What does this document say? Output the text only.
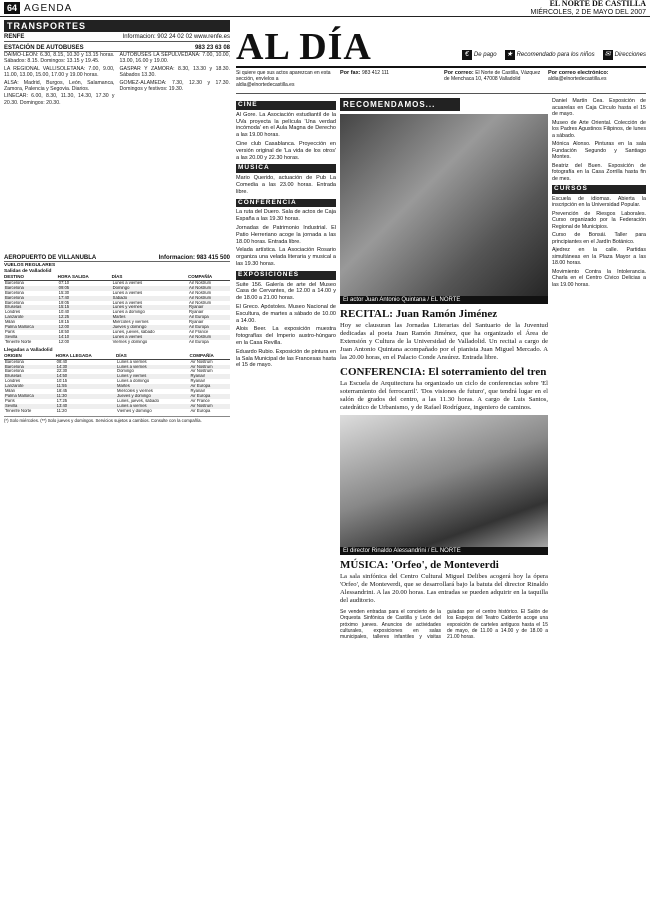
64 AGENDA	EL NORTE DE CASTILLA
MIÉRCOLES, 2 DE MAYO DEL 2007
TRANSPORTES
RENFE	Informacion: 902 24 02 02 www.renfe.es
ESTACIÓN DE AUTOBUSES	983 23 63 08

DAIMO-LEON: 6.30, 8.15, 10.30 y 13.15 horas. Sábados: 8.15. Domingos: 13.15 y 19.45.

LA REGIONAL VALLISOLETANA: 7.00, 9.00, 11.00, 13.00, 15.00, 17.00 y 19.00 horas.

ALSA: Madrid, Burgos, León, Salamanca, Zamora, Palencia y Segovia. Diarios.

LINECAR: 6.00, 8.30, 11.30, 14.30, 17.30 y 20.30. Domingos: 20.30.

AUTOBUSES LA SEPULVEDANA: 7.00, 10.00, 13.00, 16.00 y 19.00.

GASPAR Y ZAMORA: 8.30, 13.30 y 18.30. Sábados 13.30.

GOMEZ-ALAMEDA: 7.30, 12.30 y 17.30. Domingos y festivos: 19.30.

AEROPUERTO DE VILLANUBLA	Informacion: 983 415 500
VUELOS REGULARES
Salidas de Valladolid
DESTINO	HORA SALIDA	DÍAS	COMPAÑÍA
Barcelona	07:10	Lunes a viernes	Air Nostrum
Barcelona	09:05	Domingo	Air Nostrum
Barcelona	15:30	Lunes a viernes	Air Nostrum
Barcelona	17:40	Sábado	Air Nostrum
Barcelona	19:05	Lunes a viernes	Air Nostrum
Bruselas	15:15	Lunes y viernes	Ryanair
Londres	10:40	Lunes a domingo	Ryanair
Lanzarote	12:25	Martes	Air Europa
Milán	19:15	Miércoles y viernes	Ryanair
Palma Mallorca	12:00	Jueves y domingo	Air Europa
París	18:50	Lunes, jueves, sábado	Air France
Sevilla	14:10	Lunes a viernes	Air Nostrum
Tenerife Norte	12:00	Viernes y domingo	Air Europa
Llegadas a Valladolid
ORIGEN	HORA LLEGADA	DÍAS	COMPAÑÍA
Barcelona	08:40	Lunes a viernes	Air Nostrum
Barcelona	14:30	Lunes a viernes	Air Nostrum
Barcelona	22:30	Domingo	Air Nostrum
Bruselas	14:50	Lunes y viernes	Ryanair
Londres	10:15	Lunes a domingo	Ryanair
Lanzarote	11:55	Martes	Air Europa
Milán	18:45	Miércoles y viernes	Ryanair
Palma Mallorca	11:30	Jueves y domingo	Air Europa
París	17:25	Lunes, jueves, sábado	Air France
Sevilla	13:40	Lunes a viernes	Air Nostrum
Tenerife Norte	11:20	Viernes y domingo	Air Europa
(*) Solo miércoles. (**) Solo jueves y domingos. Servicios sujetos a cambios. Consulte con la compañía.
AL DÍA	€ De pago ★ Recomendado para los niños ✉ Direcciones
Si quiere que sus actos aparezcan en esta sección, envíelos a aldia@elnortedecastilla.es
Por fax: 983 412 111	Por correo: El Norte de Castilla, Vázquez de Menchaca 10, 47008 Valladolid
Por correo electrónico: aldia@elnortedecastilla.es
CINE

Al Gore. La Asociación estudiantil de la UVa proyecta la película 'Una verdad incómoda' en el Aula Magna de Derecho a las 19.00 horas.

Cine club Casablanca. Proyección en versión original de 'La vida de los otros' a las 20.00 y 22.30 horas.

MÚSICA

Mario Querido, actuación de Pub La Comedia a las 23.00 horas. Entrada libre.

CONFERENCIA

La ruta del Duero. Sala de actos de Caja España a las 19.30 horas.

Jornadas de Patrimonio Industrial. El Patio Herreriano acoge la jornada a las 18.00 horas. Entrada libre.

Velada artística. La Asociación Rosario organiza una velada literaria y musical a las 19.30 horas.

EXPOSICIONES

Suite 156. Galería de arte del Museo Casa de Cervantes, de 12.00 a 14.00 y de 18.00 a 21.00 horas.

El Greco. Apóstoles. Museo Nacional de Escultura, de martes a sábado de 10.00 a 14.00.

Alois Beer. La exposición muestra fotografías del Imperio austro-húngaro en la Casa Revilla.

Eduardo Rubio. Exposición de pintura en la Sala Municipal de las Francesas hasta el 15 de mayo.

RECOMENDAMOS...
El actor Juan Antonio Quintana / EL NORTE
RECITAL: Juan Ramón Jiménez
Hoy se clausuran las Jornadas Literarias del Santuario de la Juventud dedicadas al poeta Juan Ramón Jiménez, que ha organizado el Área de Extensión y Cultura de la Universidad de Valladolid. Un recital a cargo de Juan Antonio Quintana acompañado por el pianista Juan Miguel Mercado. A las 20.00 horas, en el Palacio Conde Ansúrez. Entrada libre.
CONFERENCIA: El soterramiento del tren
La Escuela de Arquitectura ha organizado un ciclo de conferencias sobre 'El soterramiento del ferrocarril'. 'Dos visiones de futuro', que tendrá lugar en el salón de grados del centro, a las 11.30 horas. A cargo de Luis Santos, catedrático de Urbanismo, y de Rafael Rodríguez, ingeniero de caminos.
El director Rinaldo Alessandrini / EL NORTE
MÚSICA: 'Orfeo', de Monteverdi
La sala sinfónica del Centro Cultural Miguel Delibes acogerá hoy la ópera 'Orfeo', de Monteverdi, que se desarrollará bajo la batuta del director Rinaldo Alessandrini. A las 20.00 horas. Las entradas se pueden adquirir en la taquilla del auditorio.
Se venden entradas para el concierto de la Orquesta Sinfónica de Castilla y León del próximo jueves. Anuncios de actividades culturales, exposiciones en salas municipales, talleres infantiles y visitas guiadas por el centro histórico. El Salón de los Espejos del Teatro Calderón acoge una exposición de carteles antiguos hasta el 15 de mayo, de 11.00 a 14.00 y de 18.00 a 21.00 horas.

Daniel Martín Cea. Exposición de acuarelas en Caja Círculo hasta el 15 de mayo.

Museo de Arte Oriental. Colección de los Padres Agustinos Filipinos, de lunes a sábado.

Mónica Alonso. Pinturas en la sala Fundación Segundo y Santiago Montes.

Beatriz del Buen. Exposición de fotografía en la Casa Zorrilla hasta fin de mes.

CURSOS

Escuela de idiomas. Abierta la inscripción en la Universidad Popular.

Prevención de Riesgos Laborales. Curso organizado por la Federación Regional de Municipios.

Curso de Bonsái. Taller para principiantes en el Jardín Botánico.

Ajedrez en la calle. Partidas simultáneas en la Plaza Mayor a las 18.00 horas.

Movimiento Contra la Intolerancia. Charla en el Centro Cívico Delicias a las 19.00 horas.
